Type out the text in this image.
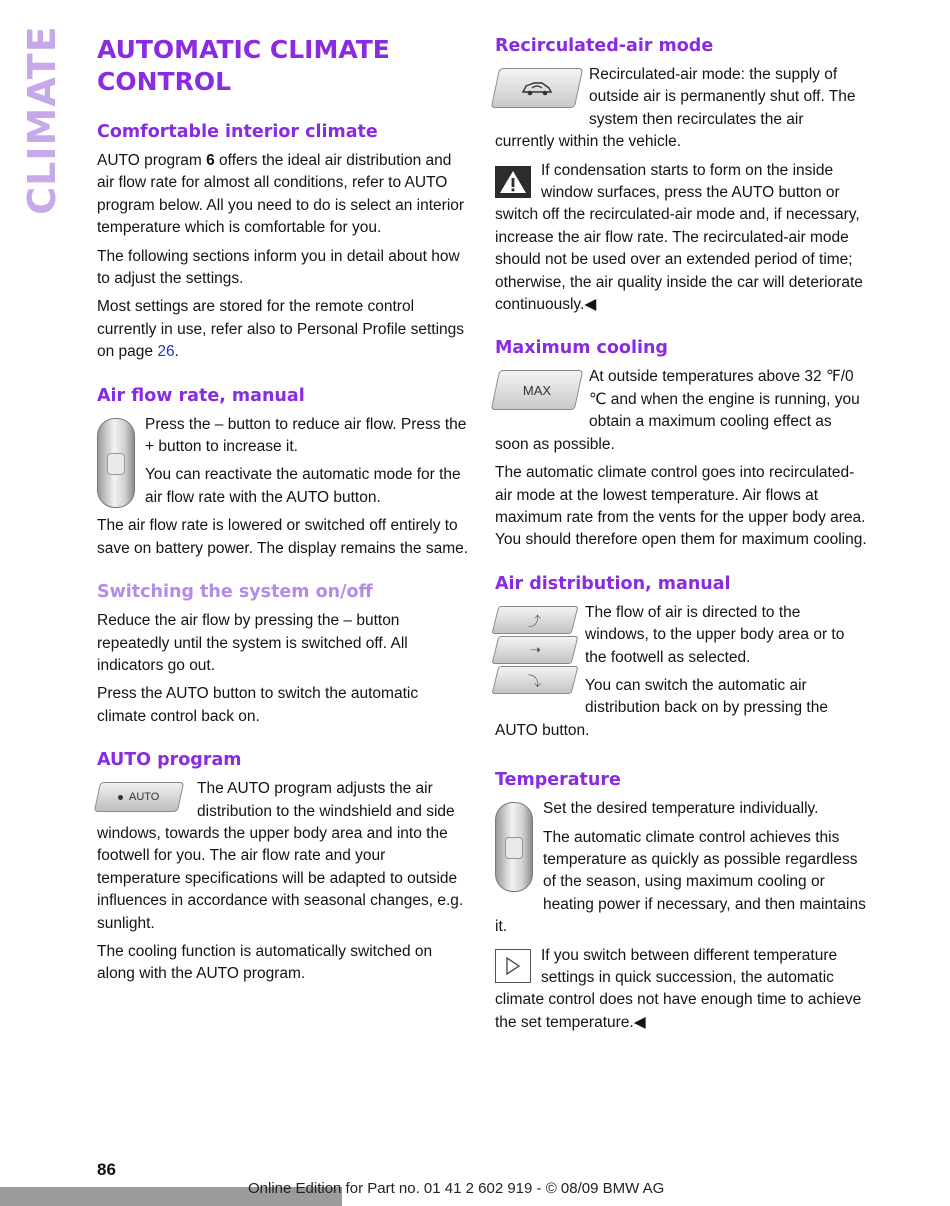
CLIMATE AUTOMATIC CLIMATE CONTROL
Comfortable interior climate

AUTO program 6 offers the ideal air distribution and air flow rate for almost all conditions, refer to AUTO program below. All you need to do is select an interior temperature which is comfortable for you.

The following sections inform you in detail about how to adjust the settings.

Most settings are stored for the remote control currently in use, refer also to Personal Profile settings on page 26.

Air flow rate, manual

Press the – button to reduce air flow. Press the + button to increase it.

You can reactivate the automatic mode for the air flow rate with the AUTO button.

The air flow rate is lowered or switched off entirely to save on battery power. The display remains the same.

Switching the system on/off

Reduce the air flow by pressing the – button repeatedly until the system is switched off. All indicators go out.

Press the AUTO button to switch the automatic climate control back on.

AUTO program
AUTO	The AUTO program adjusts the air distribution to the windshield and side windows, towards the upper body area and into the footwell for you. The air flow rate and your temperature specifications will be adapted to outside influences in accordance with seasonal changes, e.g. sunlight.

The cooling function is automatically switched on along with the AUTO program.

Recirculated-air mode

Recirculated-air mode: the supply of outside air is permanently shut off. The system then recirculates the air currently within the vehicle.

If condensation starts to form on the inside window surfaces, press the AUTO button or switch off the recirculated-air mode and, if necessary, increase the air flow rate. The recirculated-air mode should not be used over an extended period of time; otherwise, the air quality inside the car will deteriorate continuously.◀

Maximum cooling
MAX

At outside temperatures above 32 ℉/0 ℃ and when the engine is running, you obtain a maximum cooling effect as soon as possible.

The automatic climate control goes into recirculated-air mode at the lowest temperature. Air flows at maximum rate from the vents for the upper body area. You should therefore open them for maximum cooling.

Air distribution, manual
⤴
➝
⤵

The flow of air is directed to the windows, to the upper body area or to the footwell as selected.

You can switch the automatic air distribution back on by pressing the AUTO button.

Temperature

Set the desired temperature individually.

The automatic climate control achieves this temperature as quickly as possible regardless of the season, using maximum cooling or heating power if necessary, and then maintains it.

If you switch between different temperature settings in quick succession, the automatic climate control does not have enough time to achieve the set temperature.◀

86
Online Edition for Part no. 01 41 2 602 919 - © 08/09 BMW AG
